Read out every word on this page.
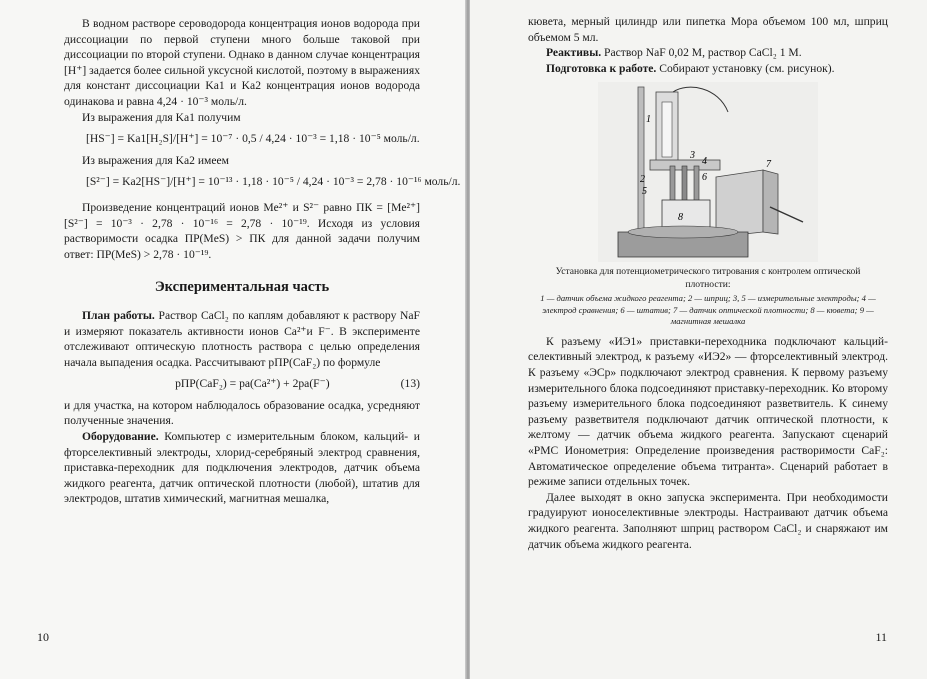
В водном растворе сероводорода концентрация ионов водорода при диссоциации по первой ступени много больше таковой при диссоциации по второй ступени. Однако в данном случае концентрация [H⁺] задается более сильной уксусной кислотой, поэтому в выражениях для констант диссоциации Ka1 и Ka2 концентрация ионов водорода одинакова и равна 4,24 · 10⁻³ моль/л.

Из выражения для Ka1 получим

[HS⁻] = Ka1[H₂S]/[H⁺] = 10⁻⁷ · 0,5 / 4,24 · 10⁻³ = 1,18 · 10⁻⁵ моль/л.

Из выражения для Ka2 имеем

[S²⁻] = Ka2[HS⁻]/[H⁺] = 10⁻¹³ · 1,18 · 10⁻⁵ / 4,24 · 10⁻³ = 2,78 · 10⁻¹⁶ моль/л.

Произведение концентраций ионов Me²⁺ и S²⁻ равно ПК = [Me²⁺][S²⁻] = 10⁻³ · 2,78 · 10⁻¹⁶ = 2,78 · 10⁻¹⁹. Исходя из условия растворимости осадка ПР(MeS) > ПК для данной задачи получим ответ: ПР(MeS) > 2,78 · 10⁻¹⁹.

Экспериментальная часть

План работы. Раствор CaCl₂ по каплям добавляют к раствору NaF и измеряют показатель активности ионов Ca²⁺и F⁻. В эксперименте отслеживают оптическую плотность раствора с целью определения начала выпадения осадка. Рассчитывают pПР(CaF₂) по формуле

pПР(CaF₂) = pa(Ca²⁺) + 2pa(F⁻)	(13)

и для участка, на котором наблюдалось образование осадка, усредняют полученные значения.

Оборудование. Компьютер с измерительным блоком, кальций- и фторселективный электроды, хлорид-серебряный электрод сравнения, приставка-переходник для подключения электродов, датчик объема жидкого реагента, датчик оптической плотности (любой), штатив для электродов, штатив химический, магнитная мешалка,

10

кювета, мерный цилиндр или пипетка Мора объемом 100 мл, шприц объемом 5 мл.

Реактивы. Раствор NaF 0,02 М, раствор CaCl₂ 1 М.

Подготовка к работе. Собирают установку (см. рисунок).

1
2
3
4
5
6
7
8
Установка для потенциометрического титрования с контролем оптической плотности:
1 — датчик объема жидкого реагента; 2 — шприц; 3, 5 — измерительные электроды; 4 — электрод сравнения; 6 — штатив; 7 — датчик оптической плотности; 8 — кювета; 9 — магнитная мешалка

К разъему «ИЭ1» приставки-переходника подключают кальций-селективный электрод, к разъему «ИЭ2» — фторселективный электрод. К разъему «ЭСр» подключают электрод сравнения. К первому разъему измерительного блока подсоединяют приставку-переходник. Ко второму разъему измерительного блока подсоединяют разветвитель. К синему разъему разветвителя подключают датчик оптической плотности, к желтому — датчик объема жидкого реагента. Запускают сценарий «РМС Ионометрия: Определение произведения растворимости CaF₂: Автоматическое определение объема титранта». Сценарий работает в режиме записи отдельных точек.

Далее выходят в окно запуска эксперимента. При необходимости градуируют ионоселективные электроды. Настраивают датчик объема жидкого реагента. Заполняют шприц раствором CaCl₂ и снаряжают им датчик объема жидкого реагента.

11
